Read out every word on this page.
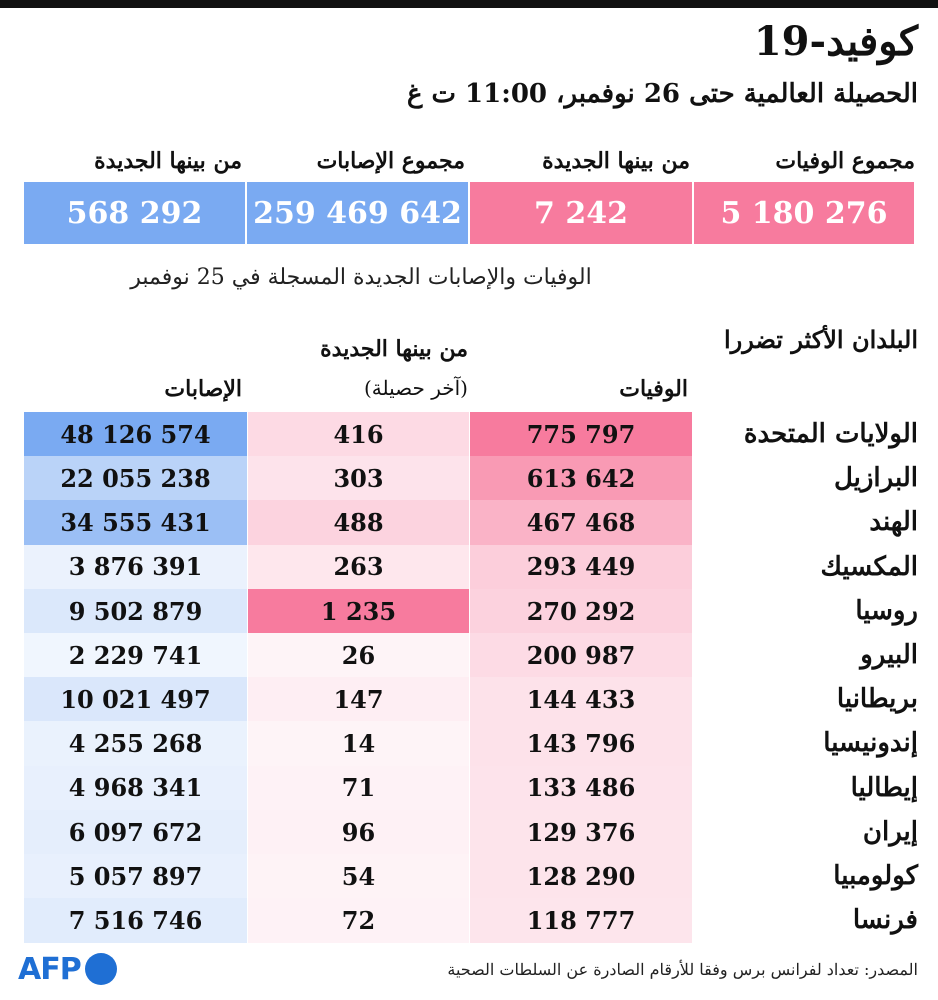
كوفيد-19
الحصيلة العالمية حتى 26 نوفمبر، 11:00 ت غ
مجموع الوفيات
من بينها الجديدة
مجموع الإصابات
من بينها الجديدة
5 180 276
7 242
259 469 642
568 292
الوفيات والإصابات الجديدة المسجلة في 25 نوفمبر
البلدان الأكثر تضررا
الوفيات
من بينها الجديدة
(آخر حصيلة)
الإصابات
الولايات المتحدة
775 797
416
48 126 574
البرازيل
613 642
303
22 055 238
الهند
467 468
488
34 555 431
المكسيك
293 449
263
3 876 391
روسيا
270 292
1 235
9 502 879
البيرو
200 987
26
2 229 741
بريطانيا
144 433
147
10 021 497
إندونيسيا
143 796
14
4 255 268
إيطاليا
133 486
71
4 968 341
إيران
129 376
96
6 097 672
كولومبيا
128 290
54
5 057 897
فرنسا
118 777
72
7 516 746
المصدر: تعداد لفرانس برس وفقا للأرقام الصادرة عن السلطات الصحية
AFP
